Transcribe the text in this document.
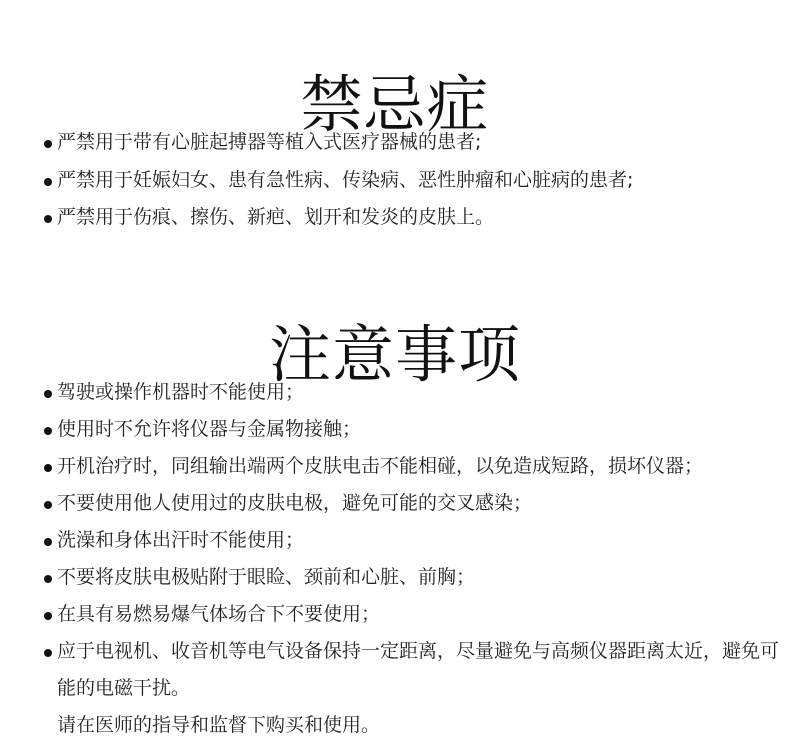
禁忌症
严禁用于带有心脏起搏器等植入式医疗器械的患者;
严禁用于妊娠妇女、患有急性病、传染病、恶性肿瘤和心脏病的患者;
严禁用于伤痕、擦伤、新疤、划开和发炎的皮肤上。
注意事项
驾驶或操作机器时不能使用；
使用时不允许将仪器与金属物接触；
开机治疗时，同组输出端两个皮肤电击不能相碰，以免造成短路，损坏仪器；
不要使用他人使用过的皮肤电极，避免可能的交叉感染；
洗澡和身体出汗时不能使用；
不要将皮肤电极贴附于眼睑、颈前和心脏、前胸；
在具有易燃易爆气体场合下不要使用；
应于电视机、收音机等电气设备保持一定距离，尽量避免与高频仪器距离太近，避免可能的电磁干扰。
请在医师的指导和监督下购买和使用。
